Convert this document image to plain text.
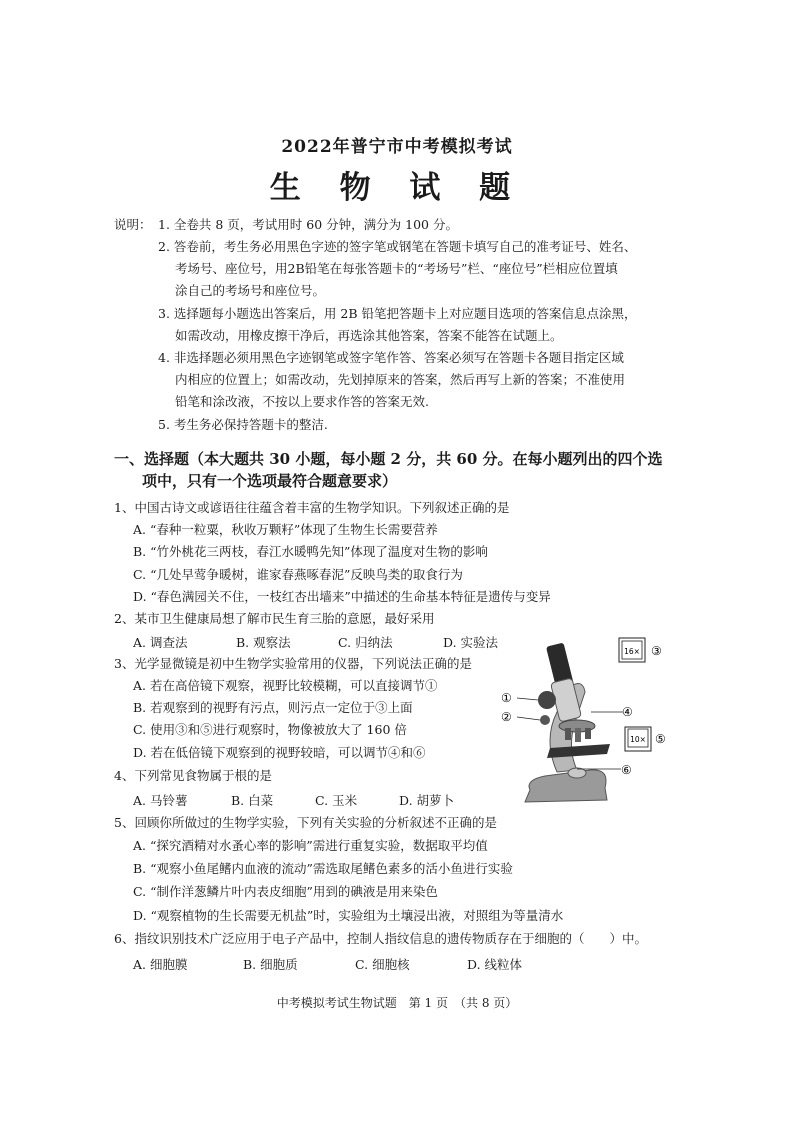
2022年普宁市中考模拟考试
生 物 试 题
说明： 1. 全卷共 8 页，考试用时 60 分钟，满分为 100 分。
2. 答卷前，考生务必用黑色字迹的签字笔或钢笔在答题卡填写自己的准考证号、姓名、
考场号、座位号，用2B铅笔在每张答题卡的“考场号”栏、“座位号”栏相应位置填
涂自己的考场号和座位号。
3. 选择题每小题选出答案后，用 2B 铅笔把答题卡上对应题目选项的答案信息点涂黑，
如需改动，用橡皮擦干净后，再选涂其他答案，答案不能答在试题上。
4. 非选择题必须用黑色字迹钢笔或签字笔作答、答案必须写在答题卡各题目指定区域
内相应的位置上；如需改动，先划掉原来的答案，然后再写上新的答案；不准使用
铅笔和涂改液，不按以上要求作答的答案无效.
5. 考生务必保持答题卡的整洁.
一、选择题（本大题共 30 小题，每小题 2 分，共 60 分。在每小题列出的四个选
项中，只有一个选项最符合题意要求）
1、中国古诗文或谚语往往蕴含着丰富的生物学知识。下列叙述正确的是
A. “春种一粒粟，秋收万颗籽”体现了生物生长需要营养
B. “竹外桃花三两枝，春江水暖鸭先知”体现了温度对生物的影响
C. “几处早莺争暖树，谁家春燕啄春泥”反映鸟类的取食行为
D. “春色满园关不住，一枝红杏出墙来”中描述的生命基本特征是遗传与变异
2、某市卫生健康局想了解市民生育三胎的意愿，最好采用
A. 调查法	B. 观察法	C. 归纳法	D. 实验法
3、光学显微镜是初中生物学实验常用的仪器，下列说法正确的是
A. 若在高倍镜下观察，视野比较模糊，可以直接调节①
B. 若观察到的视野有污点，则污点一定位于③上面
C. 使用③和⑤进行观察时，物像被放大了 160 倍
D. 若在低倍镜下观察到的视野较暗，可以调节④和⑥
4、下列常见食物属于根的是
A. 马铃薯	B. 白菜	C. 玉米	D. 胡萝卜
5、回顾你所做过的生物学实验，下列有关实验的分析叙述不正确的是
A. “探究酒精对水蚤心率的影响”需进行重复实验，数据取平均值
B. “观察小鱼尾鳍内血液的流动”需选取尾鳍色素多的活小鱼进行实验
C. “制作洋葱鳞片叶内表皮细胞”用到的碘液是用来染色
D. “观察植物的生长需要无机盐”时，实验组为土壤浸出液，对照组为等量清水
6、指纹识别技术广泛应用于电子产品中，控制人指纹信息的遗传物质存在于细胞的（　　）中。
A. 细胞膜	B. 细胞质	C. 细胞核	D. 线粒体
16×
10×
①
②
③
④
⑤
⑥
中考模拟考试生物试题　第 1 页　（共 8 页）
